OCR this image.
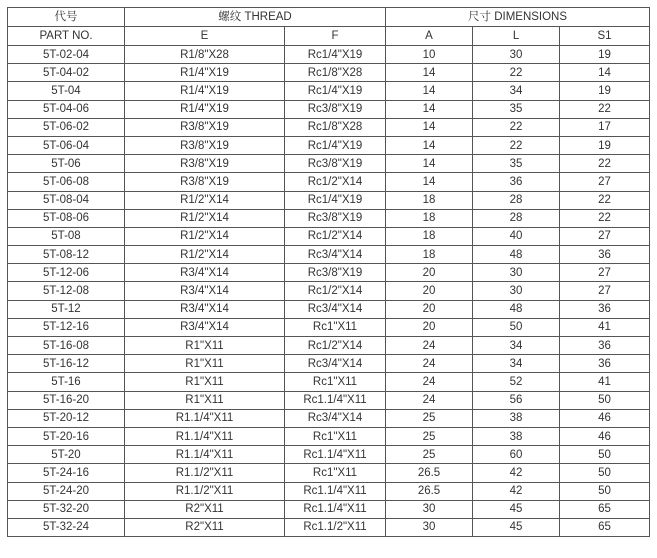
代号	螺纹 THREAD		尺寸 DIMENSIONS		
PART NO.	E	F	A	L	S1
5T-02-04	R1/8"X28	Rc1/4"X19	10	30	19
5T-04-02	R1/4"X19	Rc1/8"X28	14	22	14
5T-04	R1/4"X19	Rc1/4"X19	14	34	19
5T-04-06	R1/4"X19	Rc3/8"X19	14	35	22
5T-06-02	R3/8"X19	Rc1/8"X28	14	22	17
5T-06-04	R3/8"X19	Rc1/4"X19	14	22	19
5T-06	R3/8"X19	Rc3/8"X19	14	35	22
5T-06-08	R3/8"X19	Rc1/2"X14	14	36	27
5T-08-04	R1/2"X14	Rc1/4"X19	18	28	22
5T-08-06	R1/2"X14	Rc3/8"X19	18	28	22
5T-08	R1/2"X14	Rc1/2"X14	18	40	27
5T-08-12	R1/2"X14	Rc3/4"X14	18	48	36
5T-12-06	R3/4"X14	Rc3/8"X19	20	30	27
5T-12-08	R3/4"X14	Rc1/2"X14	20	30	27
5T-12	R3/4"X14	Rc3/4"X14	20	48	36
5T-12-16	R3/4"X14	Rc1"X11	20	50	41
5T-16-08	R1"X11	Rc1/2"X14	24	34	36
5T-16-12	R1"X11	Rc3/4"X14	24	34	36
5T-16	R1"X11	Rc1"X11	24	52	41
5T-16-20	R1"X11	Rc1.1/4"X11	24	56	50
5T-20-12	R1.1/4"X11	Rc3/4"X14	25	38	46
5T-20-16	R1.1/4"X11	Rc1"X11	25	38	46
5T-20	R1.1/4"X11	Rc1.1/4"X11	25	60	50
5T-24-16	R1.1/2"X11	Rc1"X11	26.5	42	50
5T-24-20	R1.1/2"X11	Rc1.1/4"X11	26.5	42	50
5T-32-20	R2"X11	Rc1.1/4"X11	30	45	65
5T-32-24	R2"X11	Rc1.1/2"X11	30	45	65
